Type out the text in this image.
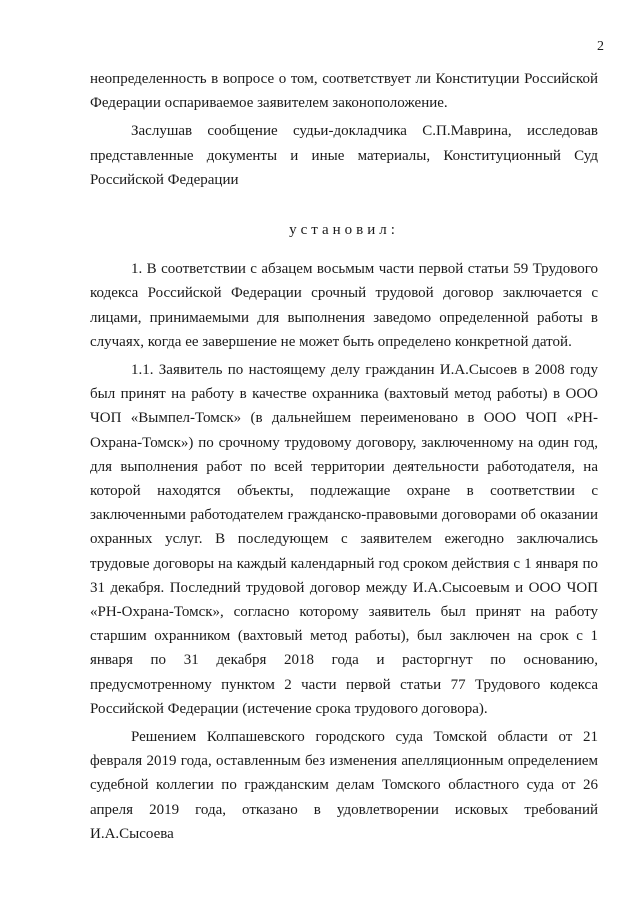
2

неопределенность в вопросе о том, соответствует ли Конституции Российской Федерации оспариваемое заявителем законоположение.

Заслушав сообщение судьи-докладчика С.П.Маврина, исследовав представленные документы и иные материалы, Конституционный Суд Российской Федерации

установил:

1. В соответствии с абзацем восьмым части первой статьи 59 Трудового кодекса Российской Федерации срочный трудовой договор заключается с лицами, принимаемыми для выполнения заведомо определенной работы в случаях, когда ее завершение не может быть определено конкретной датой.

1.1. Заявитель по настоящему делу гражданин И.А.Сысоев в 2008 году был принят на работу в качестве охранника (вахтовый метод работы) в ООО ЧОП «Вымпел-Томск» (в дальнейшем переименовано в ООО ЧОП «РН-Охрана-Томск») по срочному трудовому договору, заключенному на один год, для выполнения работ по всей территории деятельности работодателя, на которой находятся объекты, подлежащие охране в соответствии с заключенными работодателем гражданско-правовыми договорами об оказании охранных услуг. В последующем с заявителем ежегодно заключались трудовые договоры на каждый календарный год сроком действия с 1 января по 31 декабря. Последний трудовой договор между И.А.Сысоевым и ООО ЧОП «РН-Охрана-Томск», согласно которому заявитель был принят на работу старшим охранником (вахтовый метод работы), был заключен на срок с 1 января по 31 декабря 2018 года и расторгнут по основанию, предусмотренному пунктом 2 части первой статьи 77 Трудового кодекса Российской Федерации (истечение срока трудового договора).

Решением Колпашевского городского суда Томской области от 21 февраля 2019 года, оставленным без изменения апелляционным определением судебной коллегии по гражданским делам Томского областного суда от 26 апреля 2019 года, отказано в удовлетворении исковых требований И.А.Сысоева
